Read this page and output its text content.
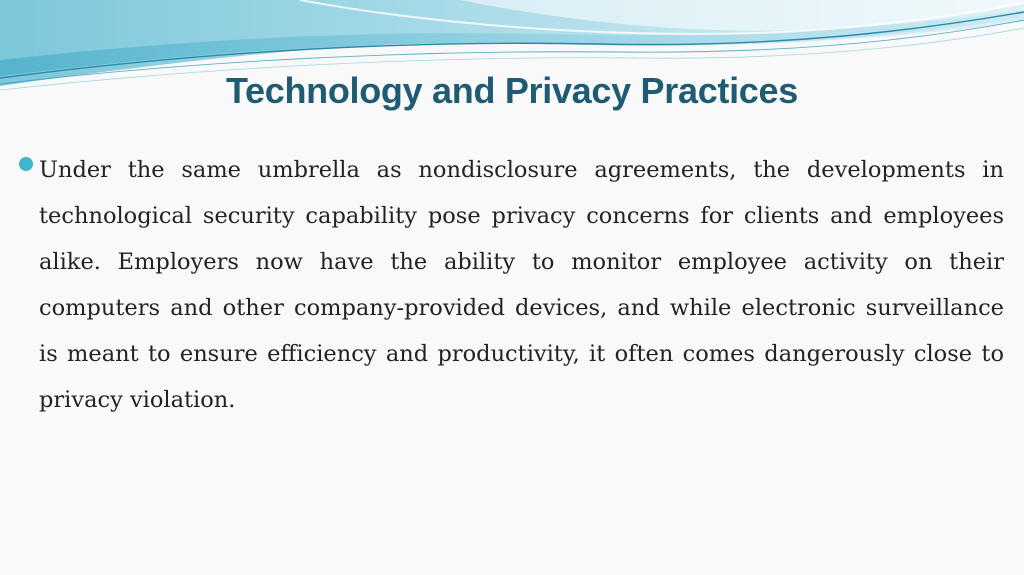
Technology and Privacy Practices

Under the same umbrella as nondisclosure agreements, the developments in technological security capability pose privacy concerns for clients and employees alike. Employers now have the ability to monitor employee activity on their computers and other company-provided devices, and while electronic surveillance is meant to ensure efficiency and productivity, it often comes dangerously close to privacy violation.
